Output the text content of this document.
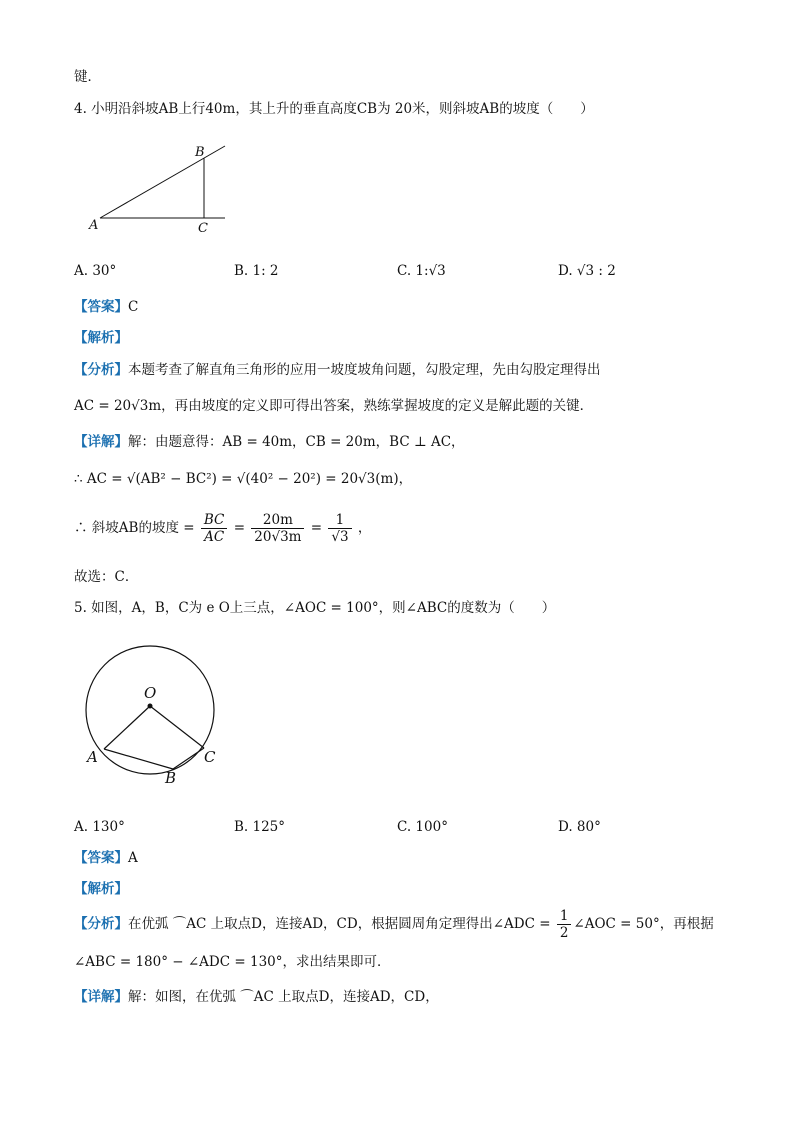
键．
4. 小明沿斜坡AB上行40m，其上升的垂直高度CB为 20米，则斜坡AB的坡度（　　）
A
B
C
A. 30°	B. 1: 2	C. 1:√3	D. √3 : 2
【答案】C
【解析】
【分析】本题考查了解直角三角形的应用一坡度坡角问题，勾股定理，先由勾股定理得出
AC = 20√3m，再由坡度的定义即可得出答案，熟练掌握坡度的定义是解此题的关键．
【详解】解：由题意得：AB = 40m，CB = 20m，BC ⊥ AC，
∴ AC = √(AB² − BC²) = √(40² − 20²) = 20√3(m)，
∴ 斜坡AB的坡度 = $\frac{BC}{AC} = \frac{20m}{20√3m} = \frac{1}{√3}$ ，
故选：C．
5. 如图，A，B，C为 e O上三点，∠AOC = 100°，则∠ABC的度数为（　　）
O
A
B
C
A. 130°	B. 125°	C. 100°	D. 80°
【答案】A
【解析】
【分析】在优弧 ⌒AC 上取点D，连接AD，CD，根据圆周角定理得出∠ADC = $\frac{1}{2}$ ∠AOC = 50°，再根据
∠ABC = 180° − ∠ADC = 130°，求出结果即可．
【详解】解：如图，在优弧 ⌒AC 上取点D，连接AD，CD，
